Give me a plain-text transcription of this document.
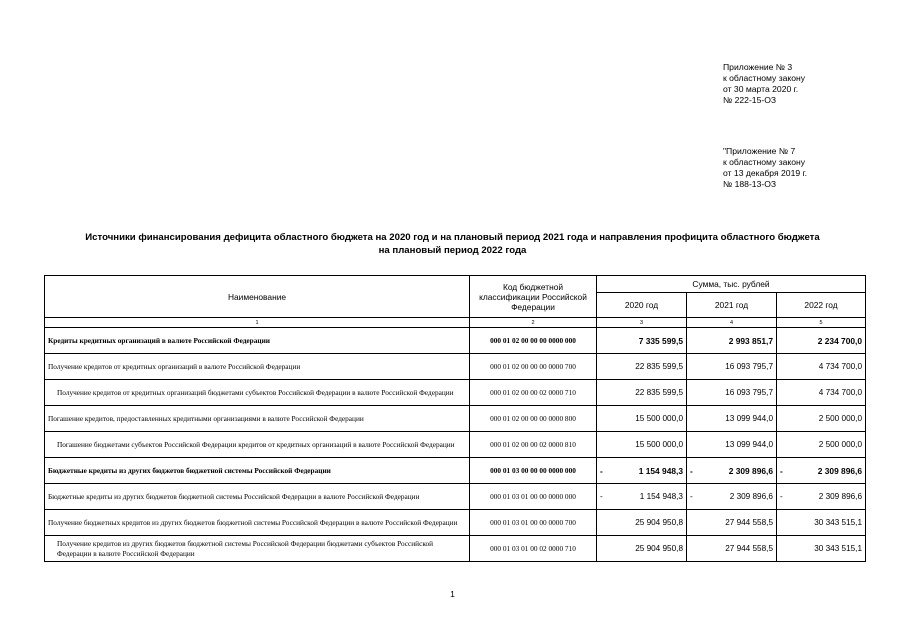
Приложение № 3
к областному закону
от 30 марта 2020 г.
№ 222-15-ОЗ
"Приложение № 7
к областному закону
от 13 декабря 2019 г.
№ 188-13-ОЗ
Источники финансирования дефицита областного бюджета на 2020 год и на плановый период 2021 года и направления профицита областного бюджета
на плановый период 2022 года
Наименование	Код бюджетной классификации Российской Федерации	Сумма, тыс. рублей		
		2020 год	2021 год	2022 год
1	2	3	4	5
Кредиты кредитных организаций в валюте Российской Федерации	000 01 02 00 00 00 0000 000	7 335 599,5	2 993 851,7	2 234 700,0
Получение кредитов от кредитных организаций в валюте Российской Федерации	000 01 02 00 00 00 0000 700	22 835 599,5	16 093 795,7	4 734 700,0
Получение кредитов от кредитных организаций бюджетами субъектов Российской Федерации в валюте Российской Федерации	000 01 02 00 00 02 0000 710	22 835 599,5	16 093 795,7	4 734 700,0
Погашение кредитов, предоставленных кредитными организациями в валюте Российской Федерации	000 01 02 00 00 00 0000 800	15 500 000,0	13 099 944,0	2 500 000,0
Погашение бюджетами субъектов Российской Федерации кредитов от кредитных организаций в валюте Российской Федерации	000 01 02 00 00 02 0000 810	15 500 000,0	13 099 944,0	2 500 000,0
Бюджетные кредиты из других бюджетов бюджетной системы Российской Федерации	000 01 03 00 00 00 0000 000	- 1 154 948,3	- 2 309 896,6	- 2 309 896,6
Бюджетные кредиты из других бюджетов бюджетной системы Российской Федерации в валюте Российской Федерации	000 01 03 01 00 00 0000 000	- 1 154 948,3	- 2 309 896,6	- 2 309 896,6
Получение бюджетных кредитов из других бюджетов бюджетной системы Российской Федерации в валюте Российской Федерации	000 01 03 01 00 00 0000 700	25 904 950,8	27 944 558,5	30 343 515,1
Получение кредитов из других бюджетов бюджетной системы Российской Федерации бюджетами субъектов Российской Федерации в валюте Российской Федерации	000 01 03 01 00 02 0000 710	25 904 950,8	27 944 558,5	30 343 515,1
1
